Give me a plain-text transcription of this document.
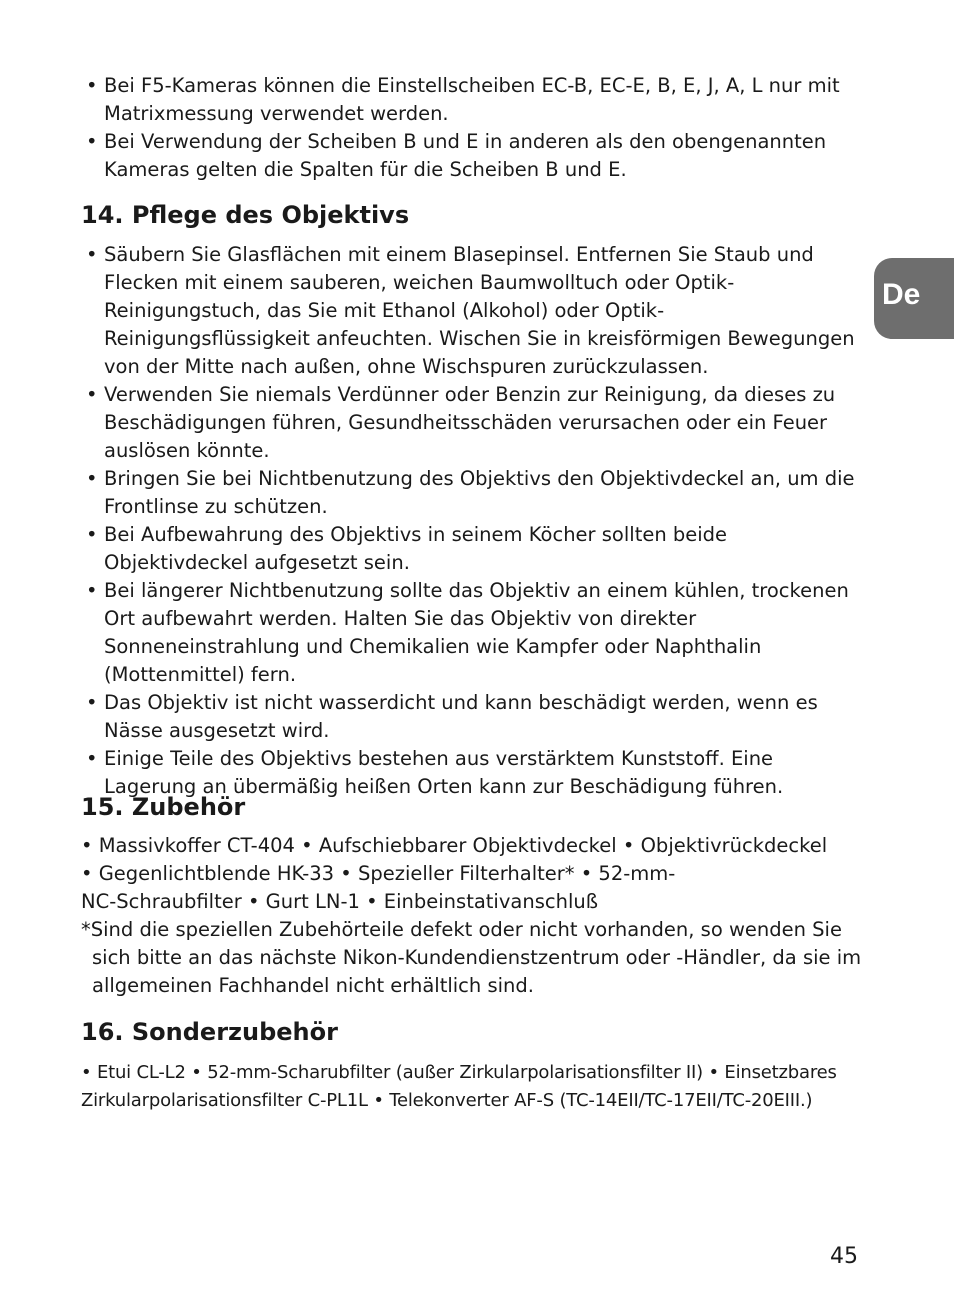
• Bei F5-Kameras können die Einstellscheiben EC-B, EC-E, B, E, J, A, L nur mit Matrixmessung verwendet werden.
• Bei Verwendung der Scheiben B und E in anderen als den obengenannten Kameras gelten die Spalten für die Scheiben B und E.
14. Pflege des Objektivs
• Säubern Sie Glasflächen mit einem Blasepinsel. Entfernen Sie Staub und Flecken mit einem sauberen, weichen Baumwolltuch oder Optik-Reinigungstuch, das Sie mit Ethanol (Alkohol) oder Optik-Reinigungsflüssigkeit anfeuchten. Wischen Sie in kreisförmigen Bewegungen von der Mitte nach außen, ohne Wischspuren zurückzulassen.
• Verwenden Sie niemals Verdünner oder Benzin zur Reinigung, da dieses zu Beschädigungen führen, Gesundheitsschäden verursachen oder ein Feuer auslösen könnte.
• Bringen Sie bei Nichtbenutzung des Objektivs den Objektivdeckel an, um die Frontlinse zu schützen.
• Bei Aufbewahrung des Objektivs in seinem Köcher sollten beide Objektivdeckel aufgesetzt sein.
• Bei längerer Nichtbenutzung sollte das Objektiv an einem kühlen, trockenen Ort aufbewahrt werden. Halten Sie das Objektiv von direkter Sonneneinstrahlung und Chemikalien wie Kampfer oder Naphthalin (Mottenmittel) fern.
• Das Objektiv ist nicht wasserdicht und kann beschädigt werden, wenn es Nässe ausgesetzt wird.
• Einige Teile des Objektivs bestehen aus verstärktem Kunststoff. Eine Lagerung an übermäßig heißen Orten kann zur Beschädigung führen.
15. Zubehör
• Massivkoffer CT-404 • Aufschiebbarer Objektivdeckel • Objektivrückdeckel
• Gegenlichtblende HK-33 • Spezieller Filterhalter* • 52-mm-
NC-Schraubfilter • Gurt LN-1 • Einbeinstativanschluß
*Sind die speziellen Zubehörteile defekt oder nicht vorhanden, so wenden Sie
sich bitte an das nächste Nikon-Kundendienstzentrum oder -Händler, da sie im
allgemeinen Fachhandel nicht erhältlich sind.
16. Sonderzubehör
• Etui CL-L2 • 52-mm-Scharubfilter (außer Zirkularpolarisationsfilter II) • Einsetzbares
Zirkularpolarisationsfilter C-PL1L • Telekonverter AF-S (TC-14EII/TC-17EII/TC-20EIII.)
De
45
